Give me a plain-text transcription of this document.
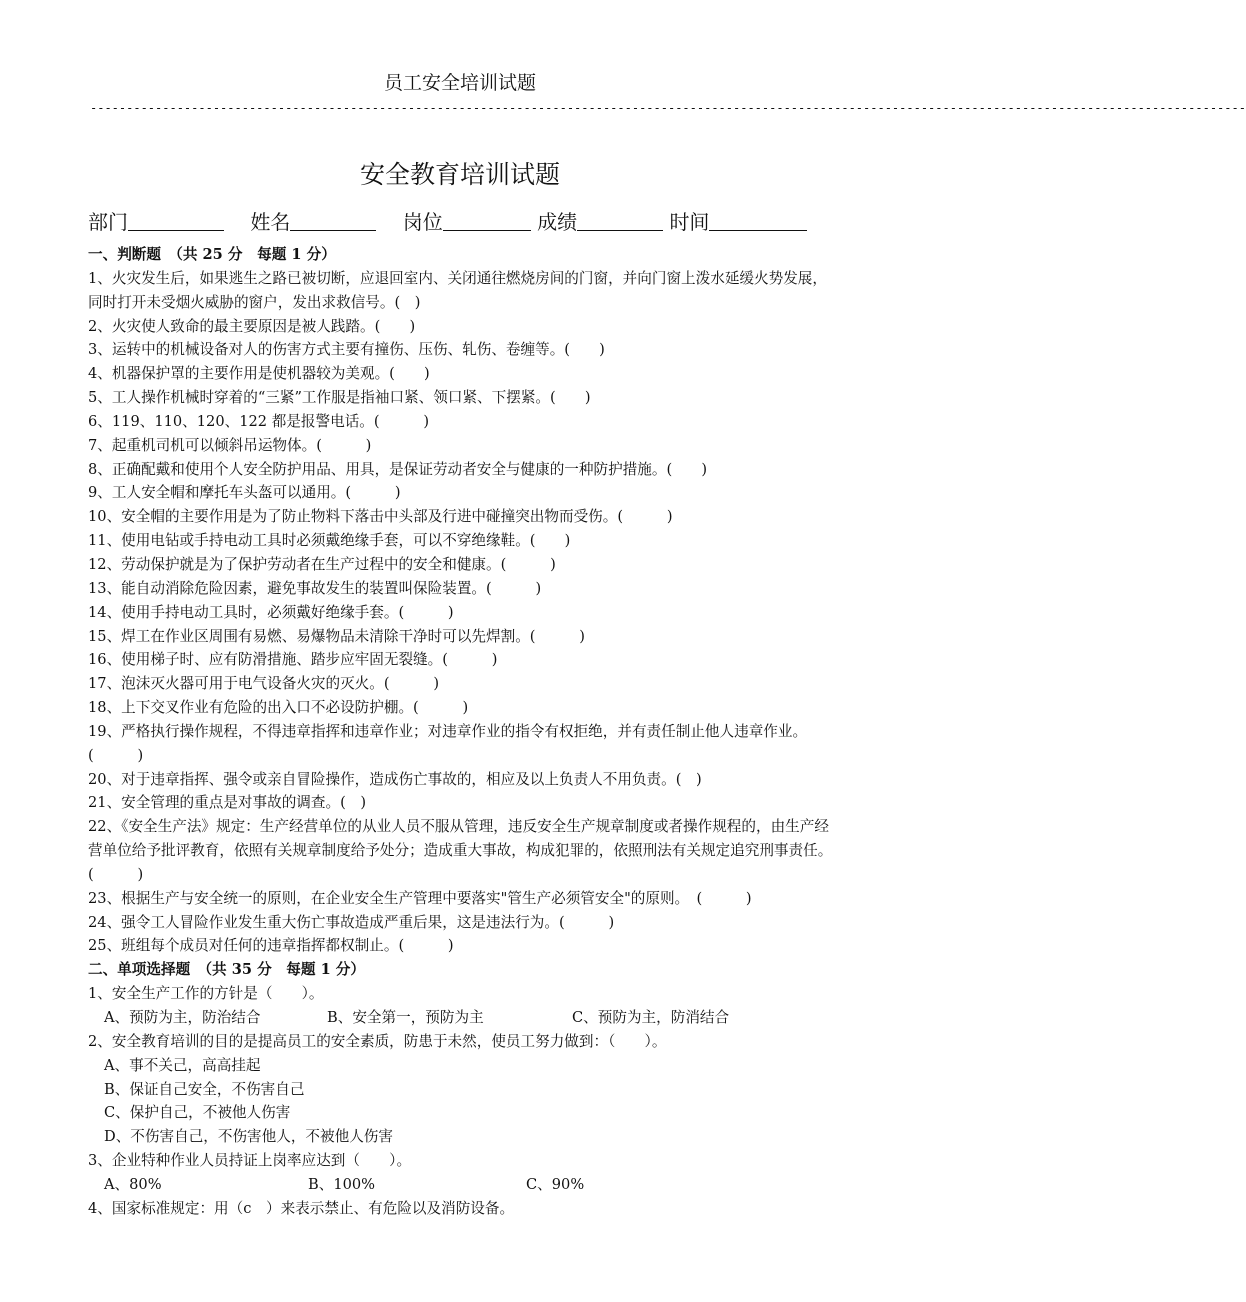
员工安全培训试题
----------------------------------------------------------------------------------------------------------------------------------------------------------------
安全教育培训试题
部门	姓名	岗位	成绩	时间
一、判断题　（共 25 分　每题 1 分）
1、火灾发生后，如果逃生之路已被切断，应退回室内、关闭通往燃烧房间的门窗，并向门窗上泼水延缓火势发展，同时打开未受烟火威胁的窗户，发出求救信号。(　)
2、火灾使人致命的最主要原因是被人践踏。(　　)
3、运转中的机械设备对人的伤害方式主要有撞伤、压伤、轧伤、卷缠等。(　　)
4、机器保护罩的主要作用是使机器较为美观。(　　)
5、工人操作机械时穿着的“三紧”工作服是指袖口紧、领口紧、下摆紧。(　　)
6、119、110、120、122 都是报警电话。(　　　)
7、起重机司机可以倾斜吊运物体。(　　　)
8、正确配戴和使用个人安全防护用品、用具，是保证劳动者安全与健康的一种防护措施。(　　)
9、工人安全帽和摩托车头盔可以通用。(　　　)
10、安全帽的主要作用是为了防止物料下落击中头部及行进中碰撞突出物而受伤。(　　　)
11、使用电钻或手持电动工具时必须戴绝缘手套，可以不穿绝缘鞋。(　　)
12、劳动保护就是为了保护劳动者在生产过程中的安全和健康。(　　　)
13、能自动消除危险因素，避免事故发生的装置叫保险装置。(　　　)
14、使用手持电动工具时，必须戴好绝缘手套。(　　　)
15、焊工在作业区周围有易燃、易爆物品未清除干净时可以先焊割。(　　　)
16、使用梯子时、应有防滑措施、踏步应牢固无裂缝。(　　　)
17、泡沫灭火器可用于电气设备火灾的灭火。(　　　)
18、上下交叉作业有危险的出入口不必设防护棚。(　　　)
19、严格执行操作规程，不得违章指挥和违章作业；对违章作业的指令有权拒绝，并有责任制止他人违章作业。(　　　)
20、对于违章指挥、强令或亲自冒险操作，造成伤亡事故的，相应及以上负责人不用负责。(　)
21、安全管理的重点是对事故的调查。(　)
22、《安全生产法》规定：生产经营单位的从业人员不服从管理，违反安全生产规章制度或者操作规程的，由生产经营单位给予批评教育，依照有关规章制度给予处分；造成重大事故，构成犯罪的，依照刑法有关规定追究刑事责任。(　　　)
23、根据生产与安全统一的原则，在企业安全生产管理中要落实"管生产必须管安全"的原则。　(　　　)
24、强令工人冒险作业发生重大伤亡事故造成严重后果，这是违法行为。(　　　)
25、班组每个成员对任何的违章指挥都权制止。(　　　)
二、单项选择题　（共 35 分　每题 1 分）
1、安全生产工作的方针是（　　）。
A、预防为主，防治结合	B、安全第一，预防为主	C、预防为主，防消结合
2、安全教育培训的目的是提高员工的安全素质，防患于未然，使员工努力做到：（　　）。
A、事不关己，高高挂起
B、保证自己安全，不伤害自己
C、保护自己，不被他人伤害
D、不伤害自己，不伤害他人，不被他人伤害
3、企业特种作业人员持证上岗率应达到（　　）。
A、80%	B、100%	C、90%
4、国家标准规定：用（c　）来表示禁止、有危险以及消防设备。
